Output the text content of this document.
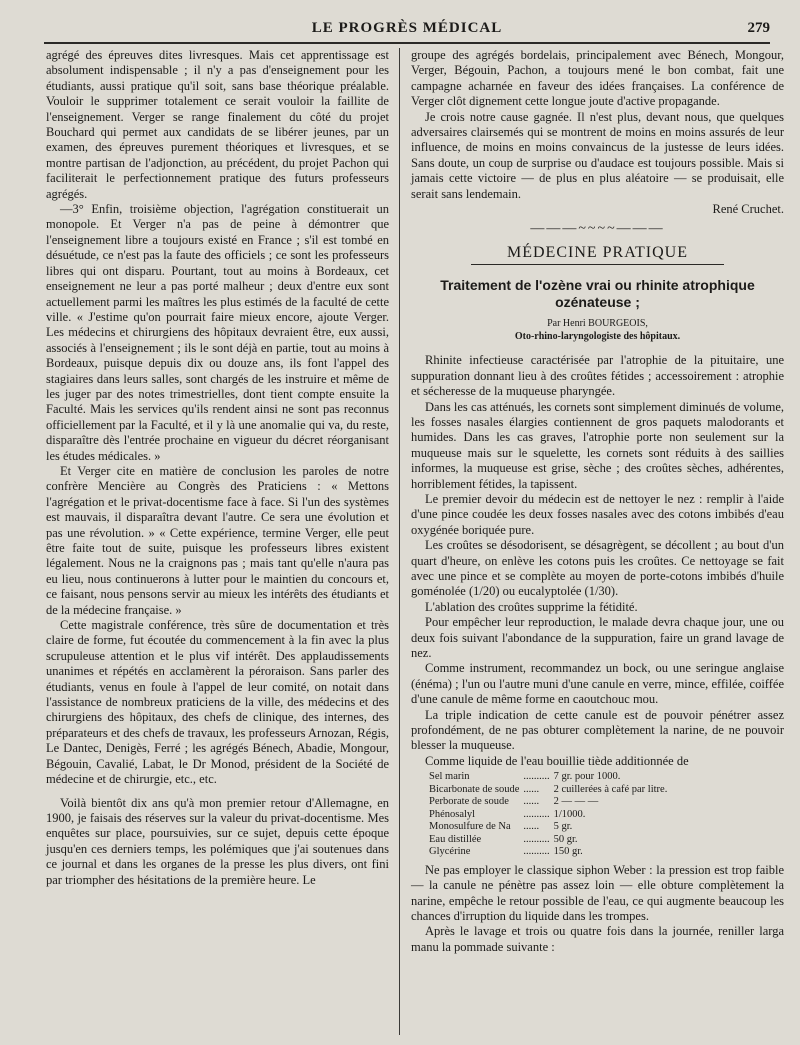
LE PROGRÈS MÉDICAL	279

agrégé des épreuves dites livresques. Mais cet apprentissage est absolument indispensable ; il n'y a pas d'enseignement pour les étudiants, aussi pratique qu'il soit, sans base théorique préalable. Vouloir le supprimer totalement ce serait vouloir la faillite de l'enseignement. Verger se range finalement du côté du projet Bouchard qui permet aux candidats de se libérer jeunes, par un examen, des épreuves purement théoriques et livresques, et se montre partisan de l'adjonction, au précédent, du projet Pachon qui faciliterait le perfectionnement pratique des futurs professeurs agrégés.

—3° Enfin, troisième objection, l'agrégation constituerait un monopole. Et Verger n'a pas de peine à démontrer que l'enseignement libre a toujours existé en France ; s'il est tombé en désuétude, ce n'est pas la faute des officiels ; ce sont les professeurs libres qui ont disparu. Pourtant, tout au moins à Bordeaux, cet enseignement ne leur a pas porté malheur ; deux d'entre eux sont actuellement parmi les maîtres les plus estimés de la faculté de cette ville. « J'estime qu'on pourrait faire mieux encore, ajoute Verger. Les médecins et chirurgiens des hôpitaux devraient être, eux aussi, associés à l'enseignement ; ils le sont déjà en partie, tout au moins à Bordeaux, puisque depuis dix ou douze ans, ils font l'appel des stagiaires dans leurs salles, sont chargés de les instruire et même de les juger par des notes trimestrielles, dont tient compte ensuite la Faculté. Mais les services qu'ils rendent ainsi ne sont pas reconnus officiellement par la Faculté, et il y là une anomalie qui va, du reste, disparaître dès l'entrée prochaine en vigueur du décret réorganisant les études médicales. »

Et Verger cite en matière de conclusion les paroles de notre confrère Mencière au Congrès des Praticiens : « Mettons l'agrégation et le privat-docentisme face à face. Si l'un des systèmes est mauvais, il disparaîtra devant l'autre. Ce sera une évolution et pas une révolution. » « Cette expérience, termine Verger, elle peut être faite tout de suite, puisque les professeurs libres existent légalement. Nous ne la craignons pas ; mais tant qu'elle n'aura pas eu lieu, nous continuerons à lutter pour le maintien du concours et, ce faisant, nous pensons servir au mieux les intérêts des étudiants et de la médecine française. »

Cette magistrale conférence, très sûre de documentation et très claire de forme, fut écoutée du commencement à la fin avec la plus scrupuleuse attention et le plus vif intérêt. Des applaudissements unanimes et répétés en acclamèrent la péroraison. Sans parler des étudiants, venus en foule à l'appel de leur comité, on notait dans l'assistance de nombreux praticiens de la ville, des médecins et des chirurgiens des hôpitaux, des chefs de clinique, des internes, des préparateurs et des chefs de travaux, les professeurs Arnozan, Régis, Le Dantec, Denigès, Ferré ; les agrégés Bénech, Abadie, Mongour, Bégouin, Cavalié, Labat, le Dr Monod, président de la Société de médecine et de chirurgie, etc., etc.

Voilà bientôt dix ans qu'à mon premier retour d'Allemagne, en 1900, je faisais des réserves sur la valeur du privat-docentisme. Mes enquêtes sur place, poursuivies, sur ce sujet, depuis cette époque jusqu'en ces derniers temps, les polémiques que j'ai soutenues dans ce journal et dans les organes de la presse les plus divers, ont fini par triompher des hésitations de la première heure. Le

groupe des agrégés bordelais, principalement avec Bénech, Mongour, Verger, Bégouin, Pachon, a toujours mené le bon combat, fait une campagne acharnée en faveur des idées françaises. La conférence de Verger clôt dignement cette longue joute d'active propagande.

Je crois notre cause gagnée. Il n'est plus, devant nous, que quelques adversaires clairsemés qui se montrent de moins en moins assurés de leur influence, de moins en moins convaincus de la justesse de leurs idées. Sans doute, un coup de surprise ou d'audace est toujours possible. Mais si jamais cette victoire — de plus en plus aléatoire — se produisait, elle serait sans lendemain.

René Cruchet.

———~~~~———
MÉDECINE PRATIQUE
Traitement de l'ozène vrai ou rhinite atrophique ozénateuse ;
Par Henri BOURGEOIS,
Oto-rhino-laryngologiste des hôpitaux.

Rhinite infectieuse caractérisée par l'atrophie de la pituitaire, une suppuration donnant lieu à des croûtes fétides ; accessoirement : atrophie et sécheresse de la muqueuse pharyngée.

Dans les cas atténués, les cornets sont simplement diminués de volume, les fosses nasales élargies contiennent de gros paquets malodorants et humides. Dans les cas graves, l'atrophie porte non seulement sur la muqueuse mais sur le squelette, les cornets sont réduits à des saillies informes, la muqueuse est grise, sèche ; des croûtes sèches, adhérentes, horriblement fétides, la tapissent.

Le premier devoir du médecin est de nettoyer le nez : remplir à l'aide d'une pince coudée les deux fosses nasales avec des cotons imbibés d'eau oxygénée boriquée pure.

Les croûtes se désodorisent, se désagrègent, se décollent ; au bout d'un quart d'heure, on enlève les cotons puis les croûtes. Ce nettoyage se fait avec une pince et se complète au moyen de porte-cotons imbibés d'huile goménolée (1/20) ou eucalyptolée (1/30).

L'ablation des croûtes supprime la fétidité.

Pour empêcher leur reproduction, le malade devra chaque jour, une ou deux fois suivant l'abondance de la suppuration, faire un grand lavage de nez.

Comme instrument, recommandez un bock, ou une seringue anglaise (énéma) ; l'un ou l'autre muni d'une canule en verre, mince, effilée, coiffée d'une canule de même forme en caoutchouc mou.

La triple indication de cette canule est de pouvoir pénétrer assez profondément, de ne pas obturer complètement la narine, de ne pouvoir blesser la muqueuse.

Comme liquide de l'eau bouillie tiède additionnée de

Sel marin	..........	7 gr. pour 1000.
Bicarbonate de soude	......	2 cuillerées à café par litre.
Perborate de soude	......	2 — — —
Phénosalyl	..........	1/1000.
Monosulfure de Na	......	5 gr.
Eau distillée	..........	50 gr.
Glycérine	..........	150 gr.

Ne pas employer le classique siphon Weber : la pression est trop faible — la canule ne pénètre pas assez loin — elle obture complètement la narine, empêche le retour possible de l'eau, ce qui augmente beaucoup les chances d'irruption du liquide dans les trompes.

Après le lavage et trois ou quatre fois dans la journée, reniller larga manu la pommade suivante :
